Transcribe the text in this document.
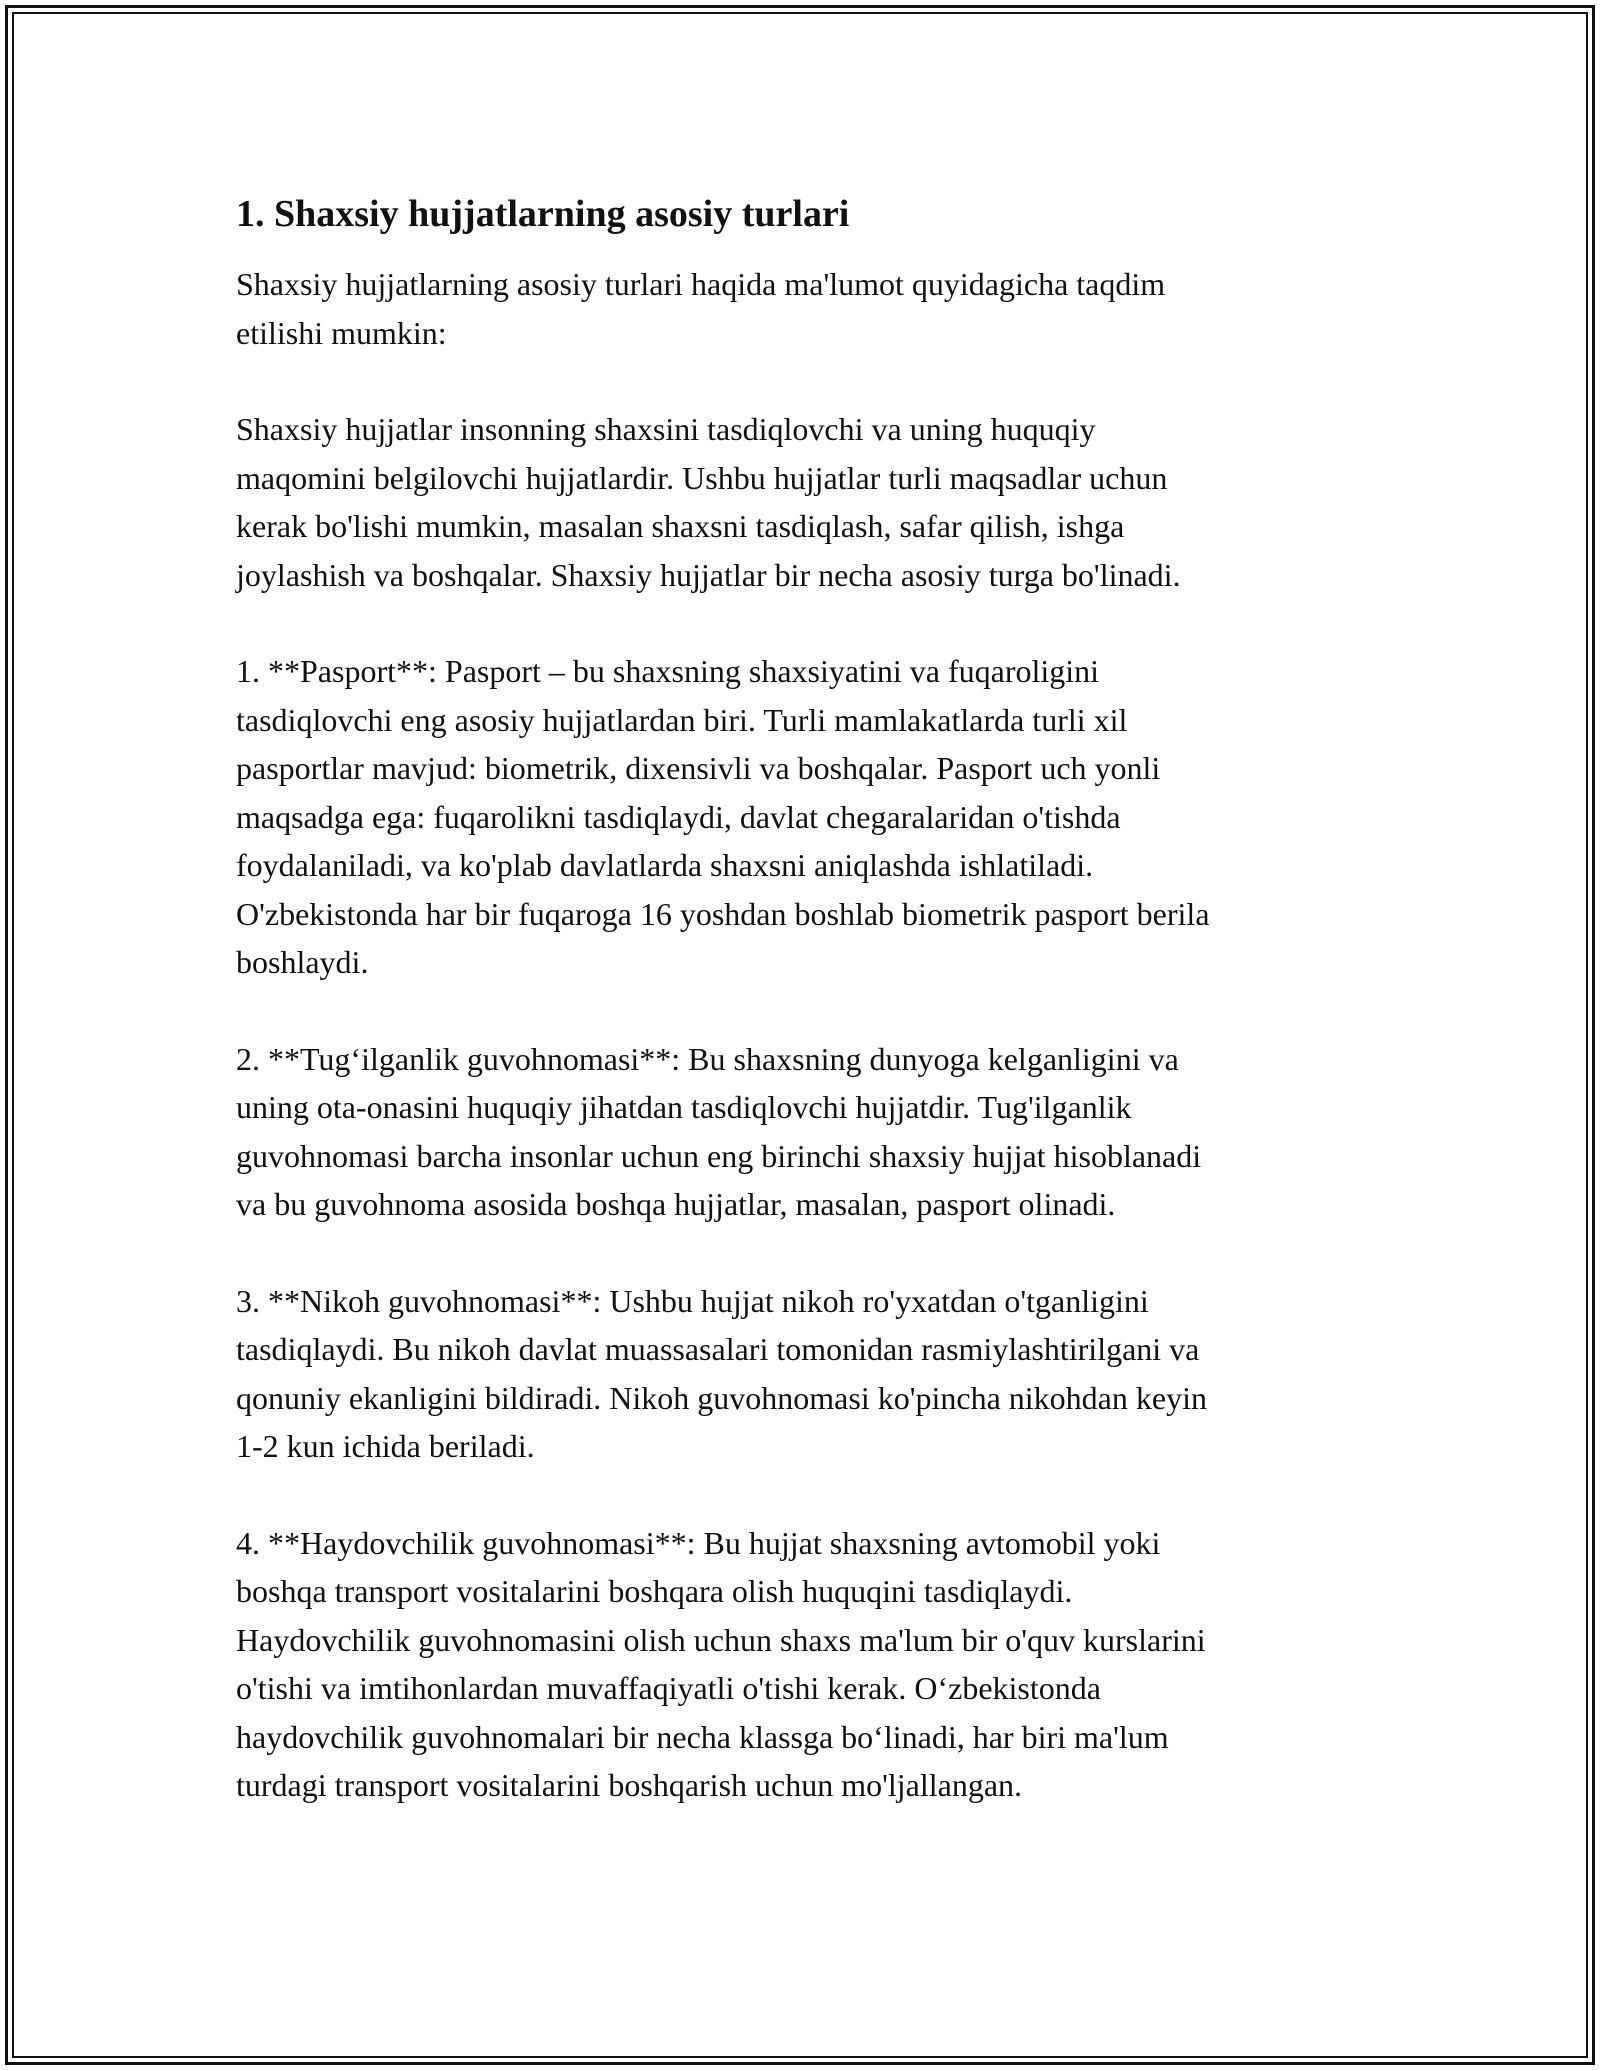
1. Shaxsiy hujjatlarning asosiy turlari

Shaxsiy hujjatlarning asosiy turlari haqida ma'lumot quyidagicha taqdim
etilishi mumkin:

Shaxsiy hujjatlar insonning shaxsini tasdiqlovchi va uning huquqiy
maqomini belgilovchi hujjatlardir. Ushbu hujjatlar turli maqsadlar uchun
kerak bo'lishi mumkin, masalan shaxsni tasdiqlash, safar qilish, ishga
joylashish va boshqalar. Shaxsiy hujjatlar bir necha asosiy turga bo'linadi.

1. **Pasport**: Pasport – bu shaxsning shaxsiyatini va fuqaroligini
tasdiqlovchi eng asosiy hujjatlardan biri. Turli mamlakatlarda turli xil
pasportlar mavjud: biometrik, dixensivli va boshqalar. Pasport uch yonli
maqsadga ega: fuqarolikni tasdiqlaydi, davlat chegaralaridan o'tishda
foydalaniladi, va ko'plab davlatlarda shaxsni aniqlashda ishlatiladi.
O'zbekistonda har bir fuqaroga 16 yoshdan boshlab biometrik pasport berila
boshlaydi.

2. **Tug‘ilganlik guvohnomasi**: Bu shaxsning dunyoga kelganligini va
uning ota-onasini huquqiy jihatdan tasdiqlovchi hujjatdir. Tug'ilganlik
guvohnomasi barcha insonlar uchun eng birinchi shaxsiy hujjat hisoblanadi
va bu guvohnoma asosida boshqa hujjatlar, masalan, pasport olinadi.

3. **Nikoh guvohnomasi**: Ushbu hujjat nikoh ro'yxatdan o'tganligini
tasdiqlaydi. Bu nikoh davlat muassasalari tomonidan rasmiylashtirilgani va
qonuniy ekanligini bildiradi. Nikoh guvohnomasi ko'pincha nikohdan keyin
1-2 kun ichida beriladi.

4. **Haydovchilik guvohnomasi**: Bu hujjat shaxsning avtomobil yoki
boshqa transport vositalarini boshqara olish huquqini tasdiqlaydi.
Haydovchilik guvohnomasini olish uchun shaxs ma'lum bir o'quv kurslarini
o'tishi va imtihonlardan muvaffaqiyatli o'tishi kerak. O‘zbekistonda
haydovchilik guvohnomalari bir necha klassga bo‘linadi, har biri ma'lum
turdagi transport vositalarini boshqarish uchun mo'ljallangan.
